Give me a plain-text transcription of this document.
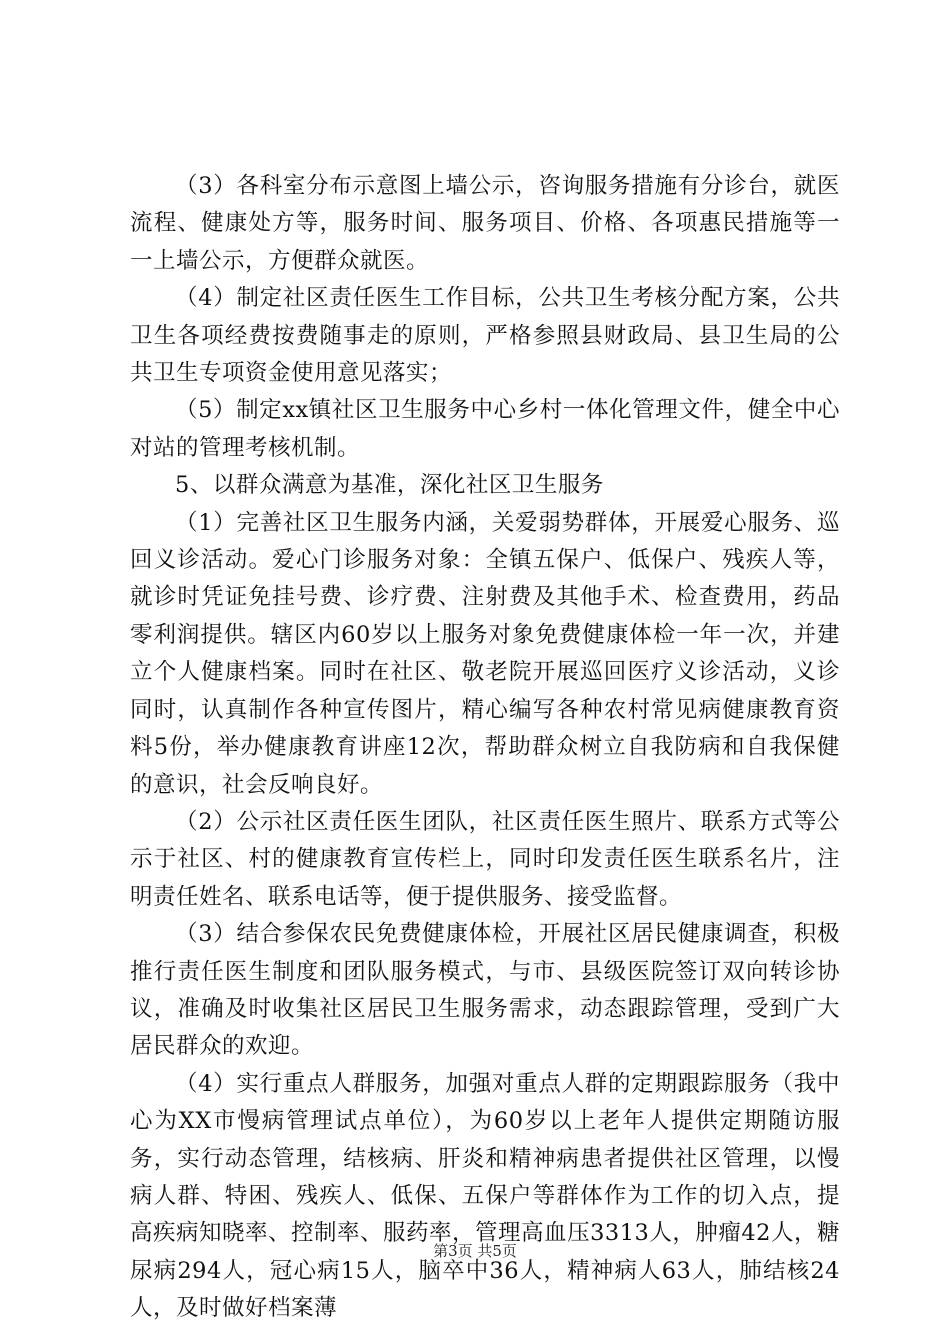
（3）各科室分布示意图上墙公示，咨询服务措施有分诊台，就医流程、健康处方等，服务时间、服务项目、价格、各项惠民措施等一一上墙公示，方便群众就医。

（4）制定社区责任医生工作目标，公共卫生考核分配方案，公共卫生各项经费按费随事走的原则，严格参照县财政局、县卫生局的公共卫生专项资金使用意见落实；

（5）制定xx镇社区卫生服务中心乡村一体化管理文件，健全中心对站的管理考核机制。

5、以群众满意为基准，深化社区卫生服务

（1）完善社区卫生服务内涵，关爱弱势群体，开展爱心服务、巡回义诊活动。爱心门诊服务对象：全镇五保户、低保户、残疾人等，就诊时凭证免挂号费、诊疗费、注射费及其他手术、检查费用，药品零利润提供。辖区内60岁以上服务对象免费健康体检一年一次，并建立个人健康档案。同时在社区、敬老院开展巡回医疗义诊活动，义诊同时，认真制作各种宣传图片，精心编写各种农村常见病健康教育资料5份，举办健康教育讲座12次，帮助群众树立自我防病和自我保健的意识，社会反响良好。

（2）公示社区责任医生团队，社区责任医生照片、联系方式等公示于社区、村的健康教育宣传栏上，同时印发责任医生联系名片，注明责任姓名、联系电话等，便于提供服务、接受监督。

（3）结合参保农民免费健康体检，开展社区居民健康调查，积极推行责任医生制度和团队服务模式，与市、县级医院签订双向转诊协议，准确及时收集社区居民卫生服务需求，动态跟踪管理，受到广大居民群众的欢迎。

（4）实行重点人群服务，加强对重点人群的定期跟踪服务（我中心为XX市慢病管理试点单位），为60岁以上老年人提供定期随访服务，实行动态管理，结核病、肝炎和精神病患者提供社区管理，以慢病人群、特困、残疾人、低保、五保户等群体作为工作的切入点，提高疾病知晓率、控制率、服药率，管理高血压3313人，肿瘤42人，糖尿病294人，冠心病15人，脑卒中36人，精神病人63人，肺结核24人，及时做好档案薄

第3页 共5页
